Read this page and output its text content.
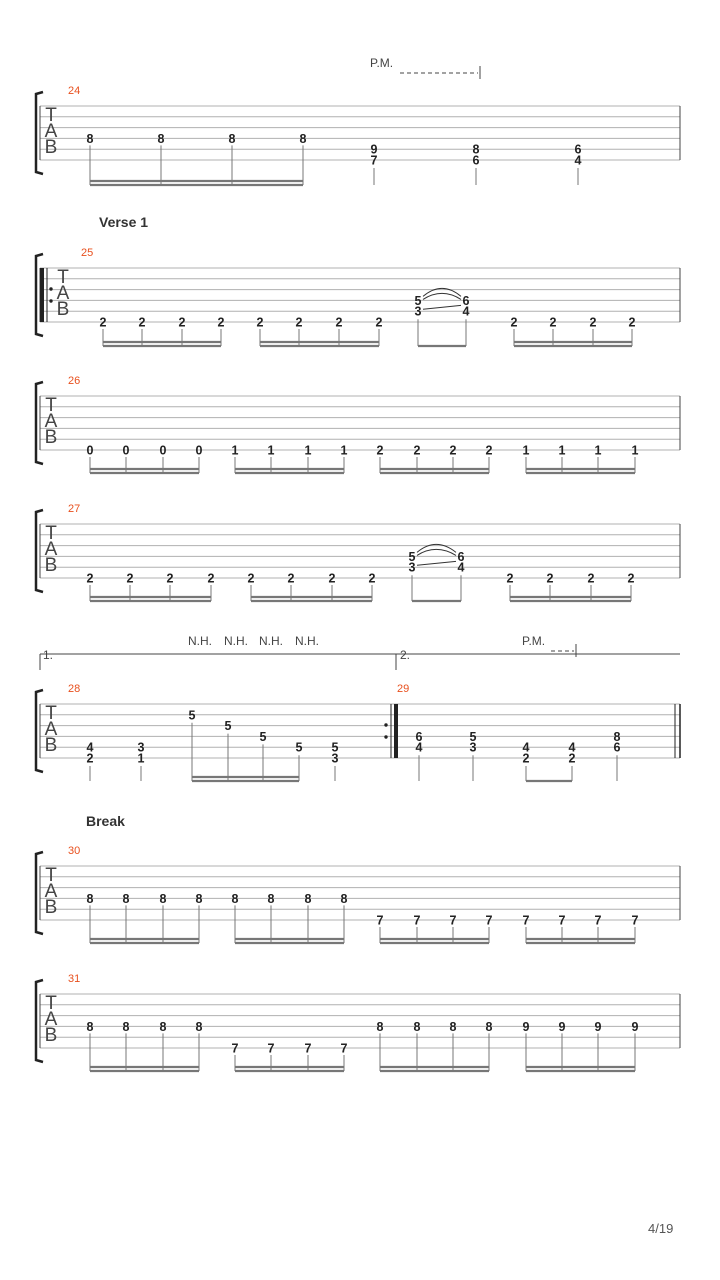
T
A
B
24
P.M.
8	8	8	8
9
7
8
6
6
4
Verse 1
T
A
B
25
2	2	2	2	2	2	2	2
5
3
6
4
2	2	2	2
T
A
B
26
0 0 0 0 1 1 1 1 2 2 2 2 1 1 1 1
T
A
B
27
2	2	2	2	2	2	2	2
5
3
6
4
2	2	2	2
1.	2.
N.H. N.H. N.H. N.H.	P.M.
T
A
B
28	29
4
2
3
1
5
5
5
5 5
3
6
4
5
3	4
2
4
2
8
6
Break
T
A
B
30
8 8 8 8 8 8 8 8
7 7 7 7 7 7 7 7
T
A
B
31
8 8 8 8
7 7 7 7
8 8 8 8 9 9 9 9
4/19
